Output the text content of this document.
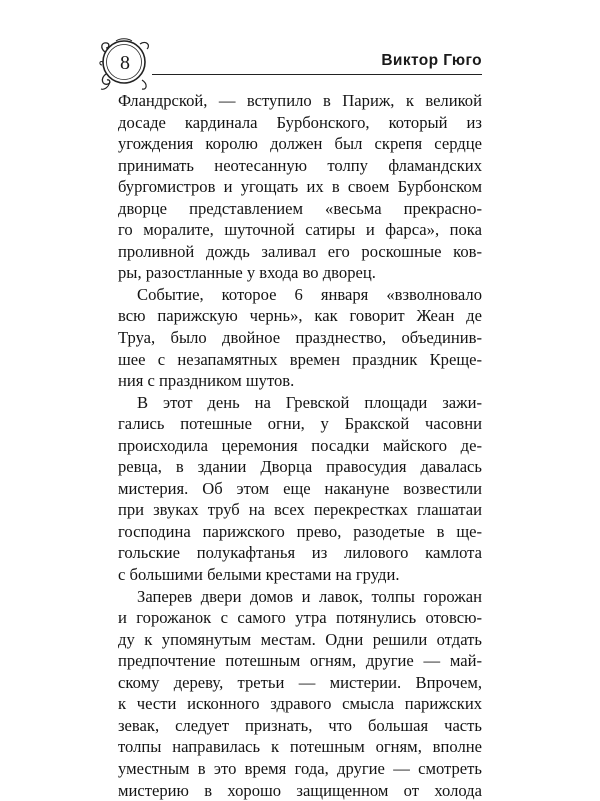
8	Виктор Гюго
Фландрской, — вступило в Париж, к великой
досаде кардинала Бурбонского, который из
угождения королю должен был скрепя сердце
принимать неотесанную толпу фламандских
бургомистров и угощать их в своем Бурбонском
дворце представлением «весьма прекрасно-
го моралите, шуточной сатиры и фарса», пока
проливной дождь заливал его роскошные ков-
ры, разостланные у входа во дворец.
Событие, которое 6 января «взволновало
всю парижскую чернь», как говорит Жеан де
Труа, было двойное празднество, объединив-
шее с незапамятных времен праздник Креще-
ния с праздником шутов.
В этот день на Гревской площади зажи-
гались потешные огни, у Бракской часовни
происходила церемония посадки майского де-
ревца, в здании Дворца правосудия давалась
мистерия. Об этом еще накануне возвестили
при звуках труб на всех перекрестках глашатаи
господина парижского прево, разодетые в ще-
гольские полукафтанья из лилового камлота
с большими белыми крестами на груди.
Заперев двери домов и лавок, толпы горожан
и горожанок с самого утра потянулись отовсю-
ду к упомянутым местам. Одни решили отдать
предпочтение потешным огням, другие — май-
скому дереву, третьи — мистерии. Впрочем,
к чести исконного здравого смысла парижских
зевак, следует признать, что большая часть
толпы направилась к потешным огням, вполне
уместным в это время года, другие — смотреть
мистерию в хорошо защищенном от холода
